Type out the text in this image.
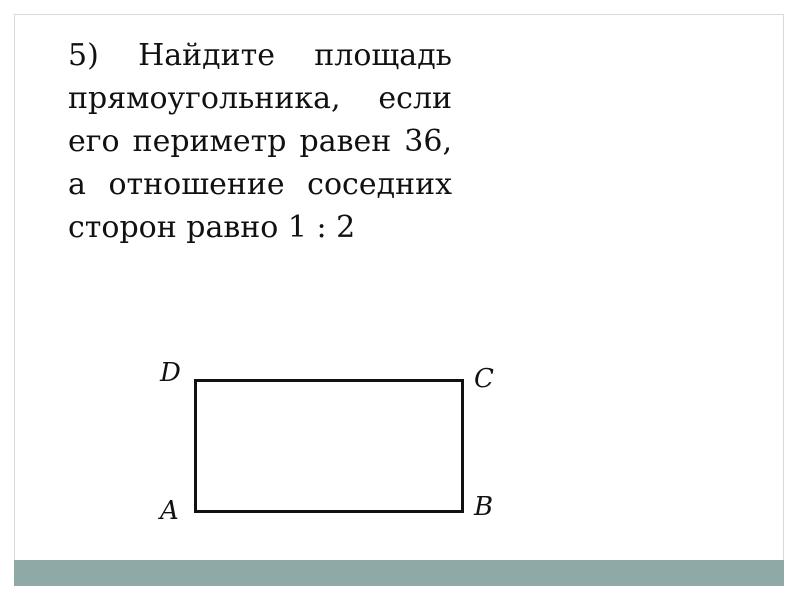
5) Найдите площадь
прямоугольника, если
его периметр равен 36,
а отношение соседних
сторон равно 1 : 2
D	C
A	B
